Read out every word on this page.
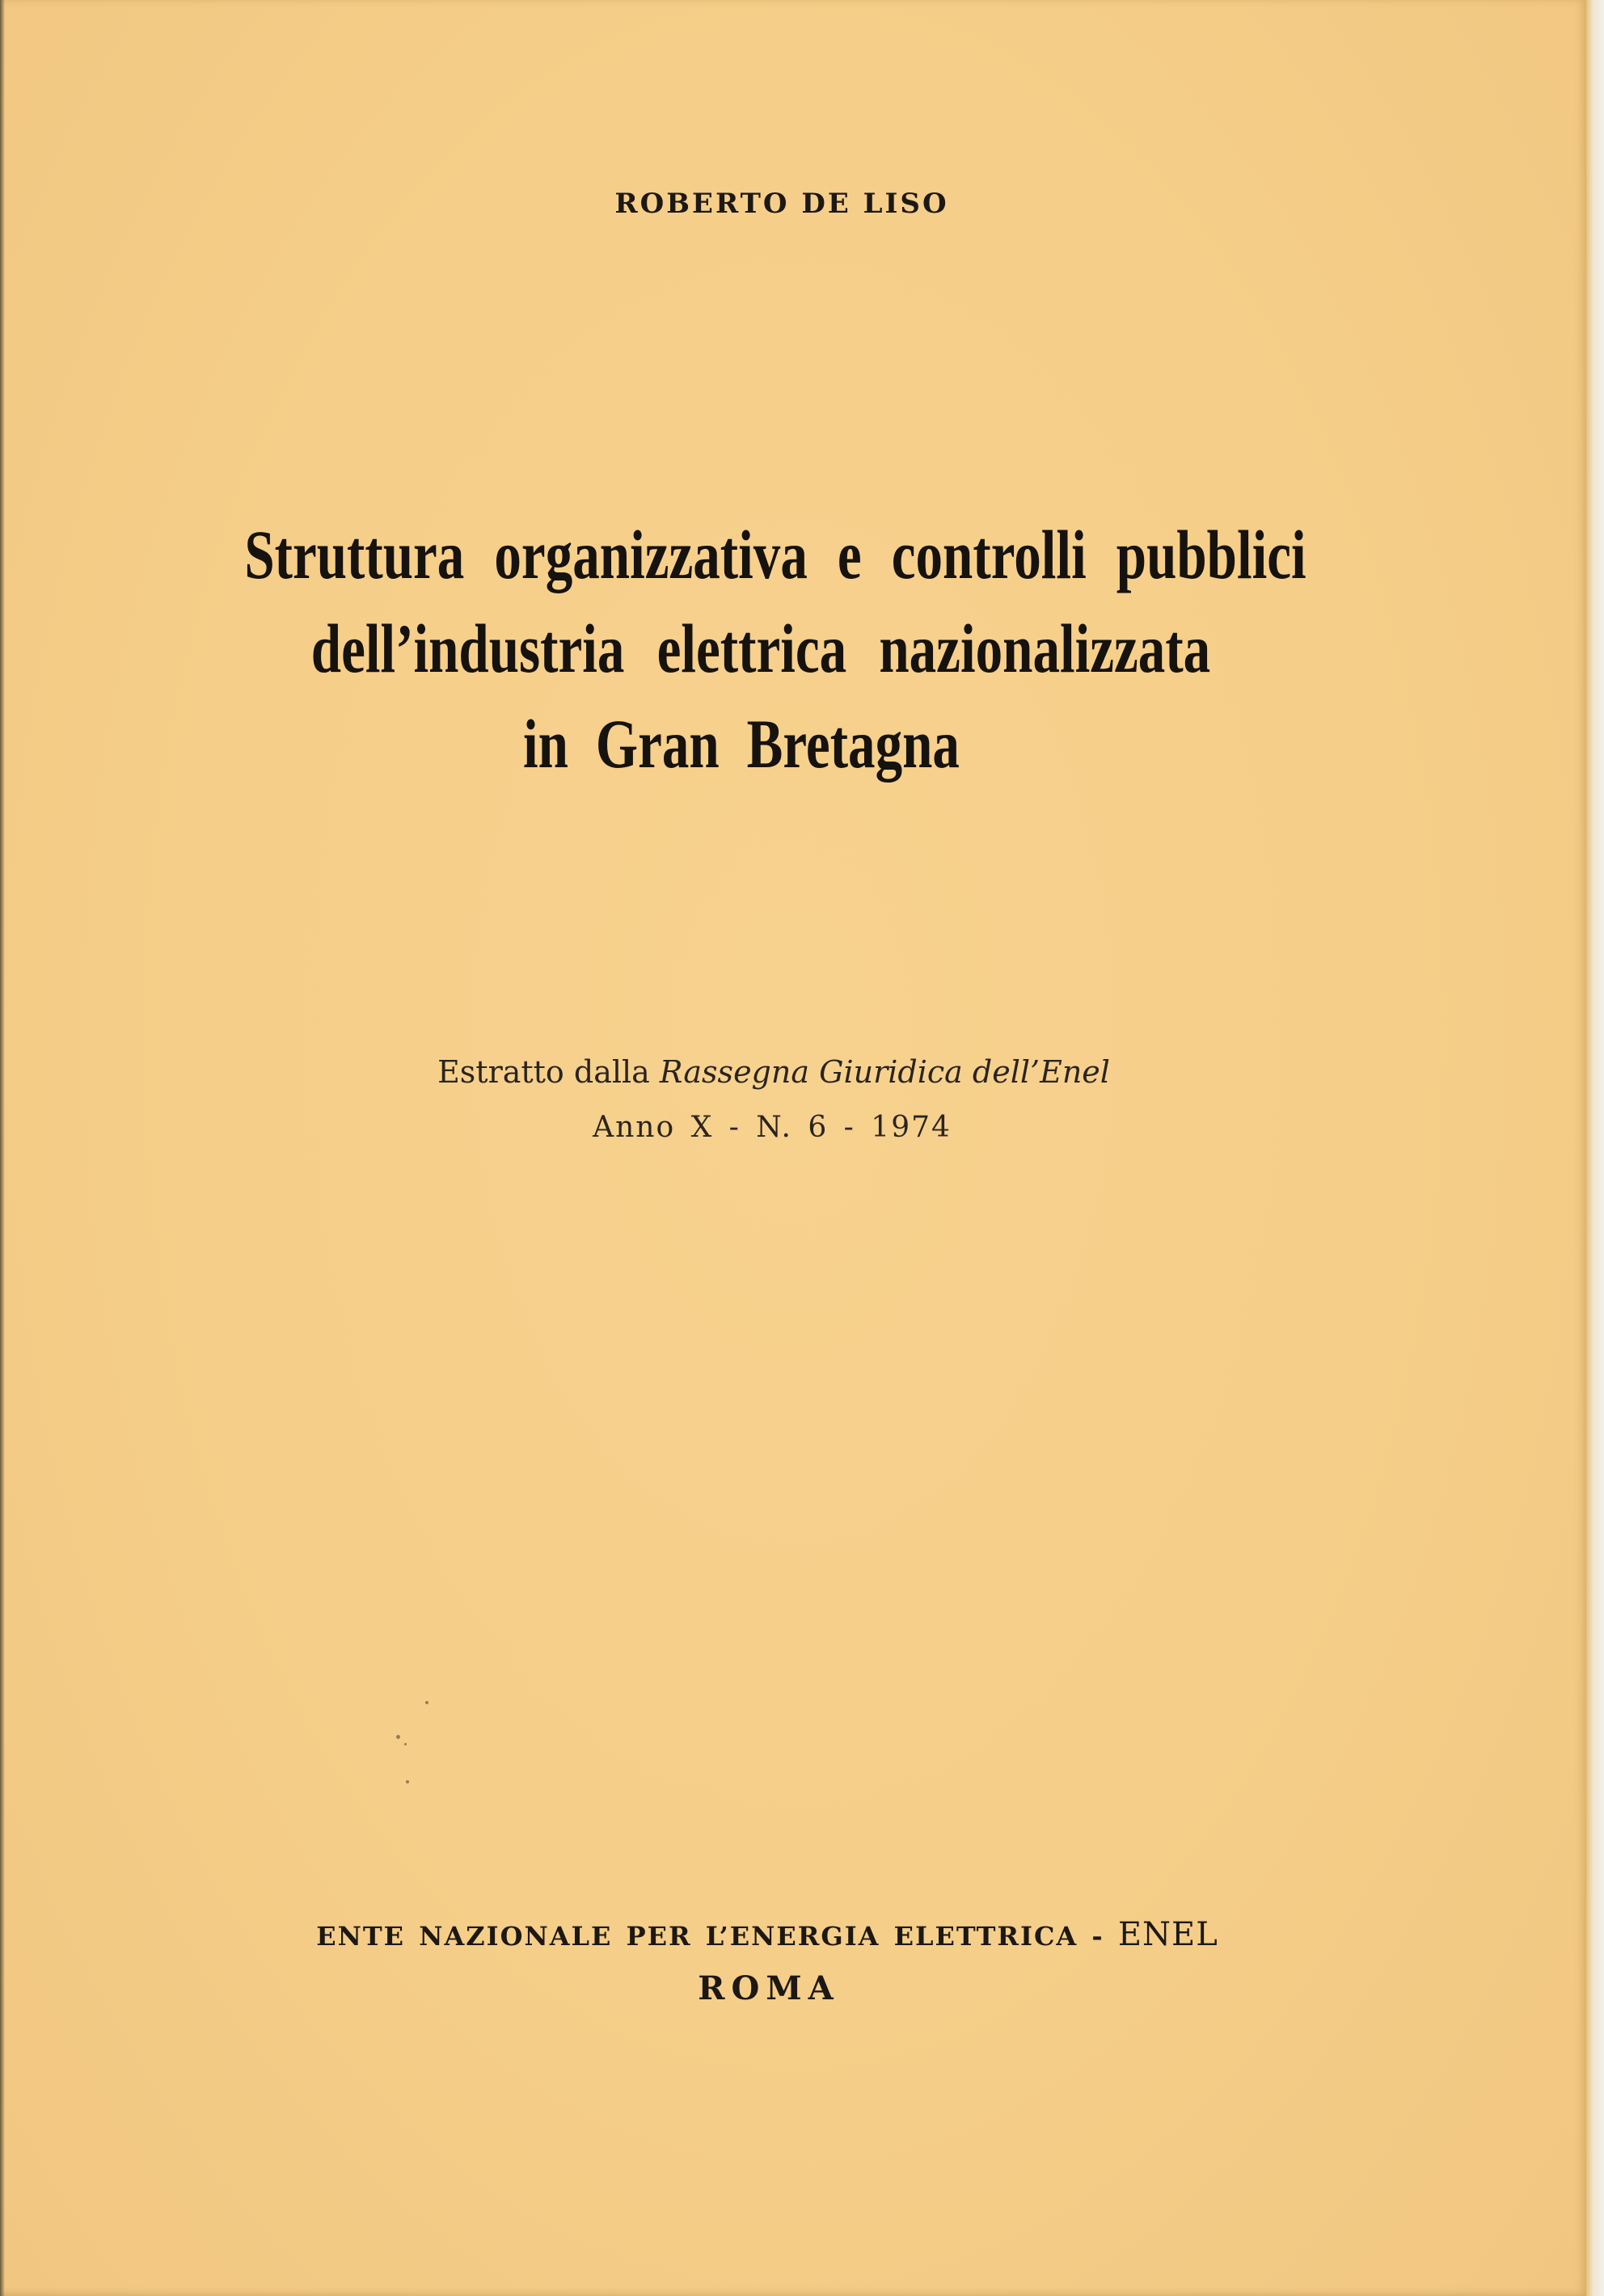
ROBERTO DE LISO
Struttura organizzativa e controlli pubblici
dell’industria elettrica nazionalizzata
in Gran Bretagna
Estratto dalla Rassegna Giuridica dell’Enel
Anno X - N. 6 - 1974
ENTE NAZIONALE PER L’ENERGIA ELETTRICA - ENEL
ROMA
